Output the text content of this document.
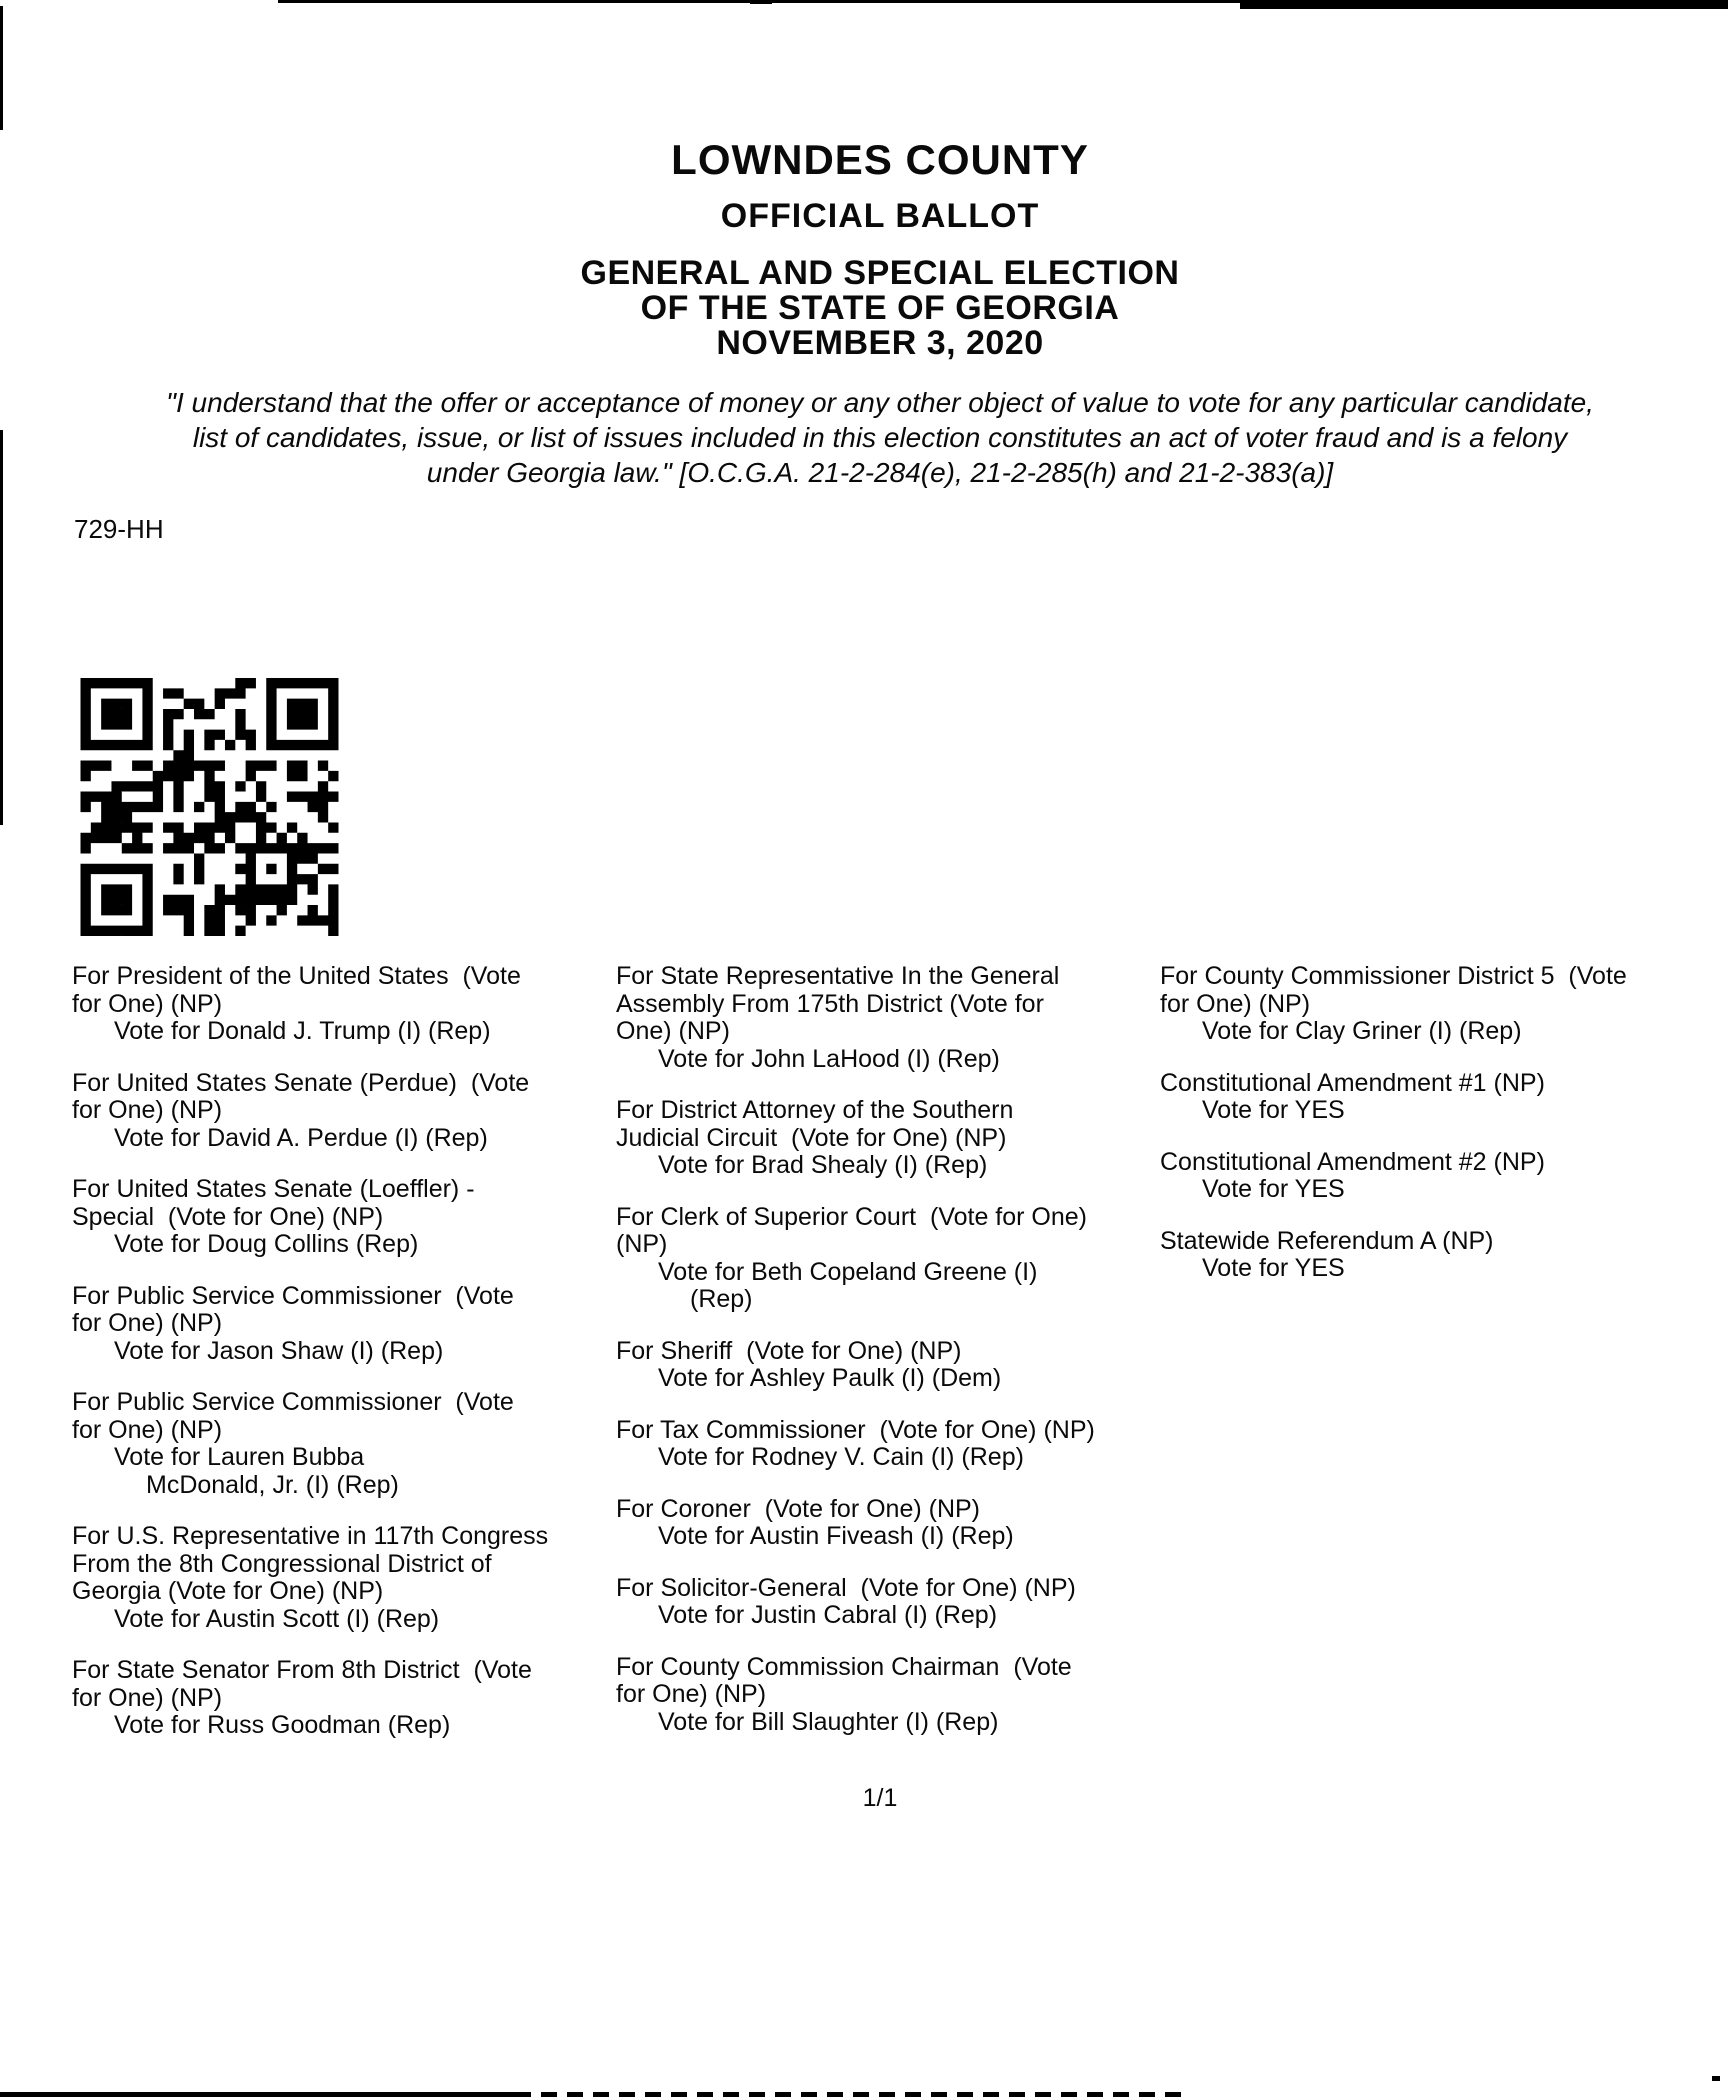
LOWNDES COUNTY
OFFICIAL BALLOT
GENERAL AND SPECIAL ELECTION
OF THE STATE OF GEORGIA
NOVEMBER 3, 2020
"I understand that the offer or acceptance of money or any other object of value to vote for any particular candidate,
list of candidates, issue, or list of issues included in this election constitutes an act of voter fraud and is a felony
under Georgia law." [O.C.G.A. 21-2-284(e), 21-2-285(h) and 21-2-383(a)]
729-HH
For President of the United States  (Vote
for One) (NP)
Vote for Donald J. Trump (I) (Rep)
For United States Senate (Perdue)  (Vote
for One) (NP)
Vote for David A. Perdue (I) (Rep)
For United States Senate (Loeffler) -
Special  (Vote for One) (NP)
Vote for Doug Collins (Rep)
For Public Service Commissioner  (Vote
for One) (NP)
Vote for Jason Shaw (I) (Rep)
For Public Service Commissioner  (Vote
for One) (NP)
Vote for Lauren Bubba
McDonald, Jr. (I) (Rep)
For U.S. Representative in 117th Congress
From the 8th Congressional District of
Georgia (Vote for One) (NP)
Vote for Austin Scott (I) (Rep)
For State Senator From 8th District  (Vote
for One) (NP)
Vote for Russ Goodman (Rep)
For State Representative In the General
Assembly From 175th District (Vote for
One) (NP)
Vote for John LaHood (I) (Rep)
For District Attorney of the Southern
Judicial Circuit  (Vote for One) (NP)
Vote for Brad Shealy (I) (Rep)
For Clerk of Superior Court  (Vote for One)
(NP)
Vote for Beth Copeland Greene (I)
(Rep)
For Sheriff  (Vote for One) (NP)
Vote for Ashley Paulk (I) (Dem)
For Tax Commissioner  (Vote for One) (NP)
Vote for Rodney V. Cain (I) (Rep)
For Coroner  (Vote for One) (NP)
Vote for Austin Fiveash (I) (Rep)
For Solicitor-General  (Vote for One) (NP)
Vote for Justin Cabral (I) (Rep)
For County Commission Chairman  (Vote
for One) (NP)
Vote for Bill Slaughter (I) (Rep)
For County Commissioner District 5  (Vote
for One) (NP)
Vote for Clay Griner (I) (Rep)
Constitutional Amendment #1 (NP)
Vote for YES
Constitutional Amendment #2 (NP)
Vote for YES
Statewide Referendum A (NP)
Vote for YES
1/1
